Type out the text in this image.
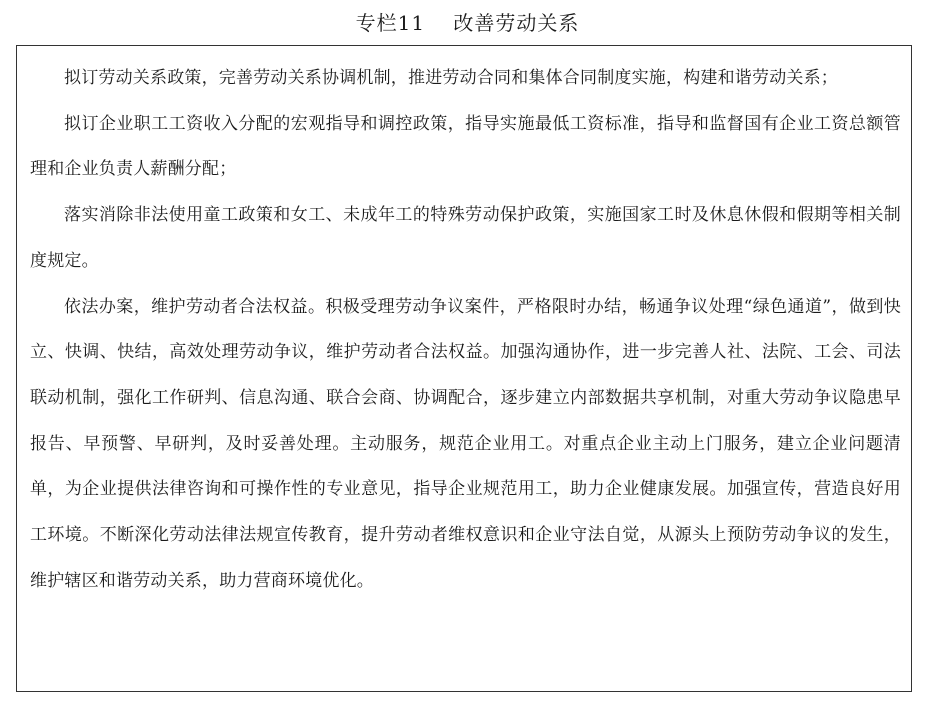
专栏11　 改善劳动关系

拟订劳动关系政策，完善劳动关系协调机制，推进劳动合同和集体合同制度实施，构建和谐劳动关系；

拟订企业职工工资收入分配的宏观指导和调控政策，指导实施最低工资标准，指导和监督国有企业工资总额管理和企业负责人薪酬分配；

落实消除非法使用童工政策和女工、未成年工的特殊劳动保护政策，实施国家工时及休息休假和假期等相关制度规定。

依法办案，维护劳动者合法权益。积极受理劳动争议案件，严格限时办结，畅通争议处理“绿色通道”，做到快立、快调、快结，高效处理劳动争议，维护劳动者合法权益。加强沟通协作，进一步完善人社、法院、工会、司法联动机制，强化工作研判、信息沟通、联合会商、协调配合，逐步建立内部数据共享机制，对重大劳动争议隐患早报告、早预警、早研判，及时妥善处理。主动服务，规范企业用工。对重点企业主动上门服务，建立企业问题清单，为企业提供法律咨询和可操作性的专业意见，指导企业规范用工，助力企业健康发展。加强宣传，营造良好用工环境。不断深化劳动法律法规宣传教育，提升劳动者维权意识和企业守法自觉，从源头上预防劳动争议的发生，维护辖区和谐劳动关系，助力营商环境优化。
